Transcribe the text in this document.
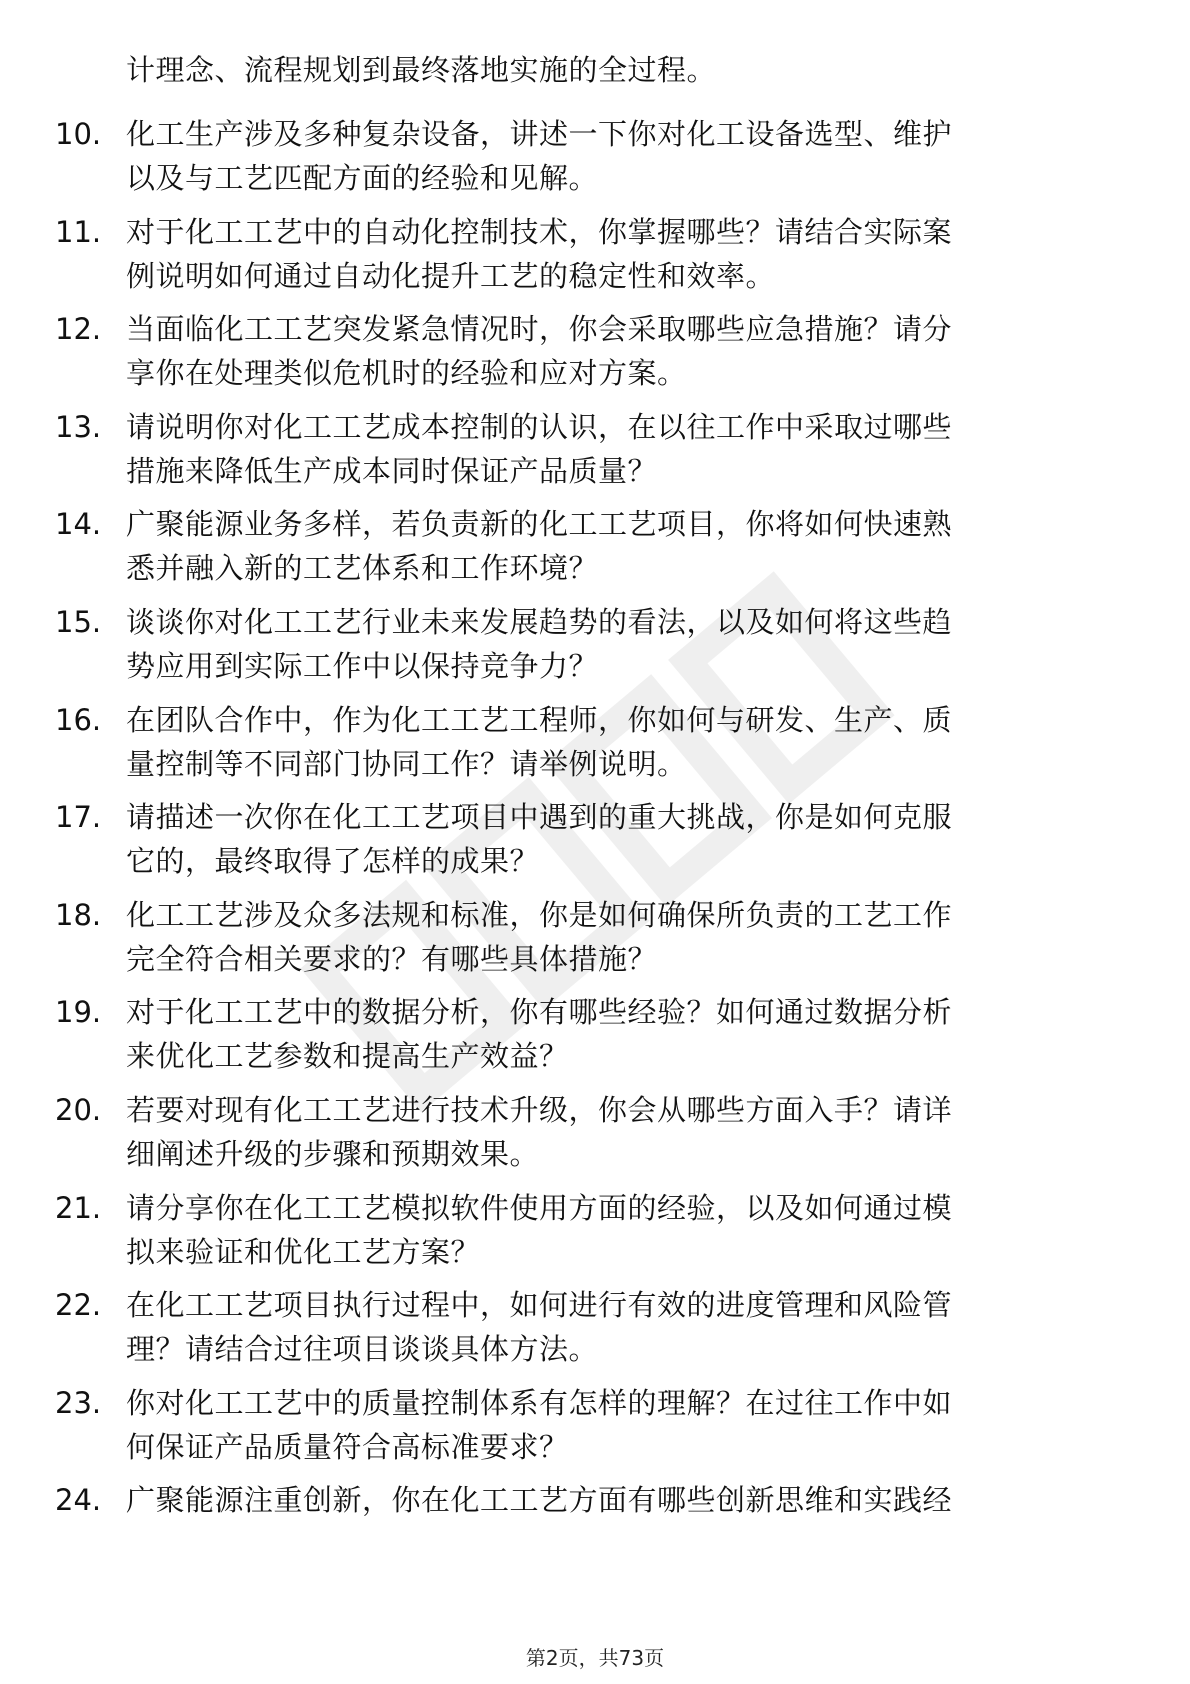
计理念、流程规划到最终落地实施的全过程。
10. 化工生产涉及多种复杂设备，讲述一下你对化工设备选型、维护
以及与工艺匹配方面的经验和见解。
11. 对于化工工艺中的自动化控制技术，你掌握哪些？请结合实际案
例说明如何通过自动化提升工艺的稳定性和效率。
12. 当面临化工工艺突发紧急情况时，你会采取哪些应急措施？请分
享你在处理类似危机时的经验和应对方案。
13. 请说明你对化工工艺成本控制的认识，在以往工作中采取过哪些
措施来降低生产成本同时保证产品质量？
14. 广聚能源业务多样，若负责新的化工工艺项目，你将如何快速熟
悉并融入新的工艺体系和工作环境？
15. 谈谈你对化工工艺行业未来发展趋势的看法，以及如何将这些趋
势应用到实际工作中以保持竞争力？
16. 在团队合作中，作为化工工艺工程师，你如何与研发、生产、质
量控制等不同部门协同工作？请举例说明。
17. 请描述一次你在化工工艺项目中遇到的重大挑战，你是如何克服
它的，最终取得了怎样的成果？
18. 化工工艺涉及众多法规和标准，你是如何确保所负责的工艺工作
完全符合相关要求的？有哪些具体措施？
19. 对于化工工艺中的数据分析，你有哪些经验？如何通过数据分析
来优化工艺参数和提高生产效益？
20. 若要对现有化工工艺进行技术升级，你会从哪些方面入手？请详
细阐述升级的步骤和预期效果。
21. 请分享你在化工工艺模拟软件使用方面的经验，以及如何通过模
拟来验证和优化工艺方案？
22. 在化工工艺项目执行过程中，如何进行有效的进度管理和风险管
理？请结合过往项目谈谈具体方法。
23. 你对化工工艺中的质量控制体系有怎样的理解？在过往工作中如
何保证产品质量符合高标准要求？
24. 广聚能源注重创新，你在化工工艺方面有哪些创新思维和实践经
第2页，共73页
